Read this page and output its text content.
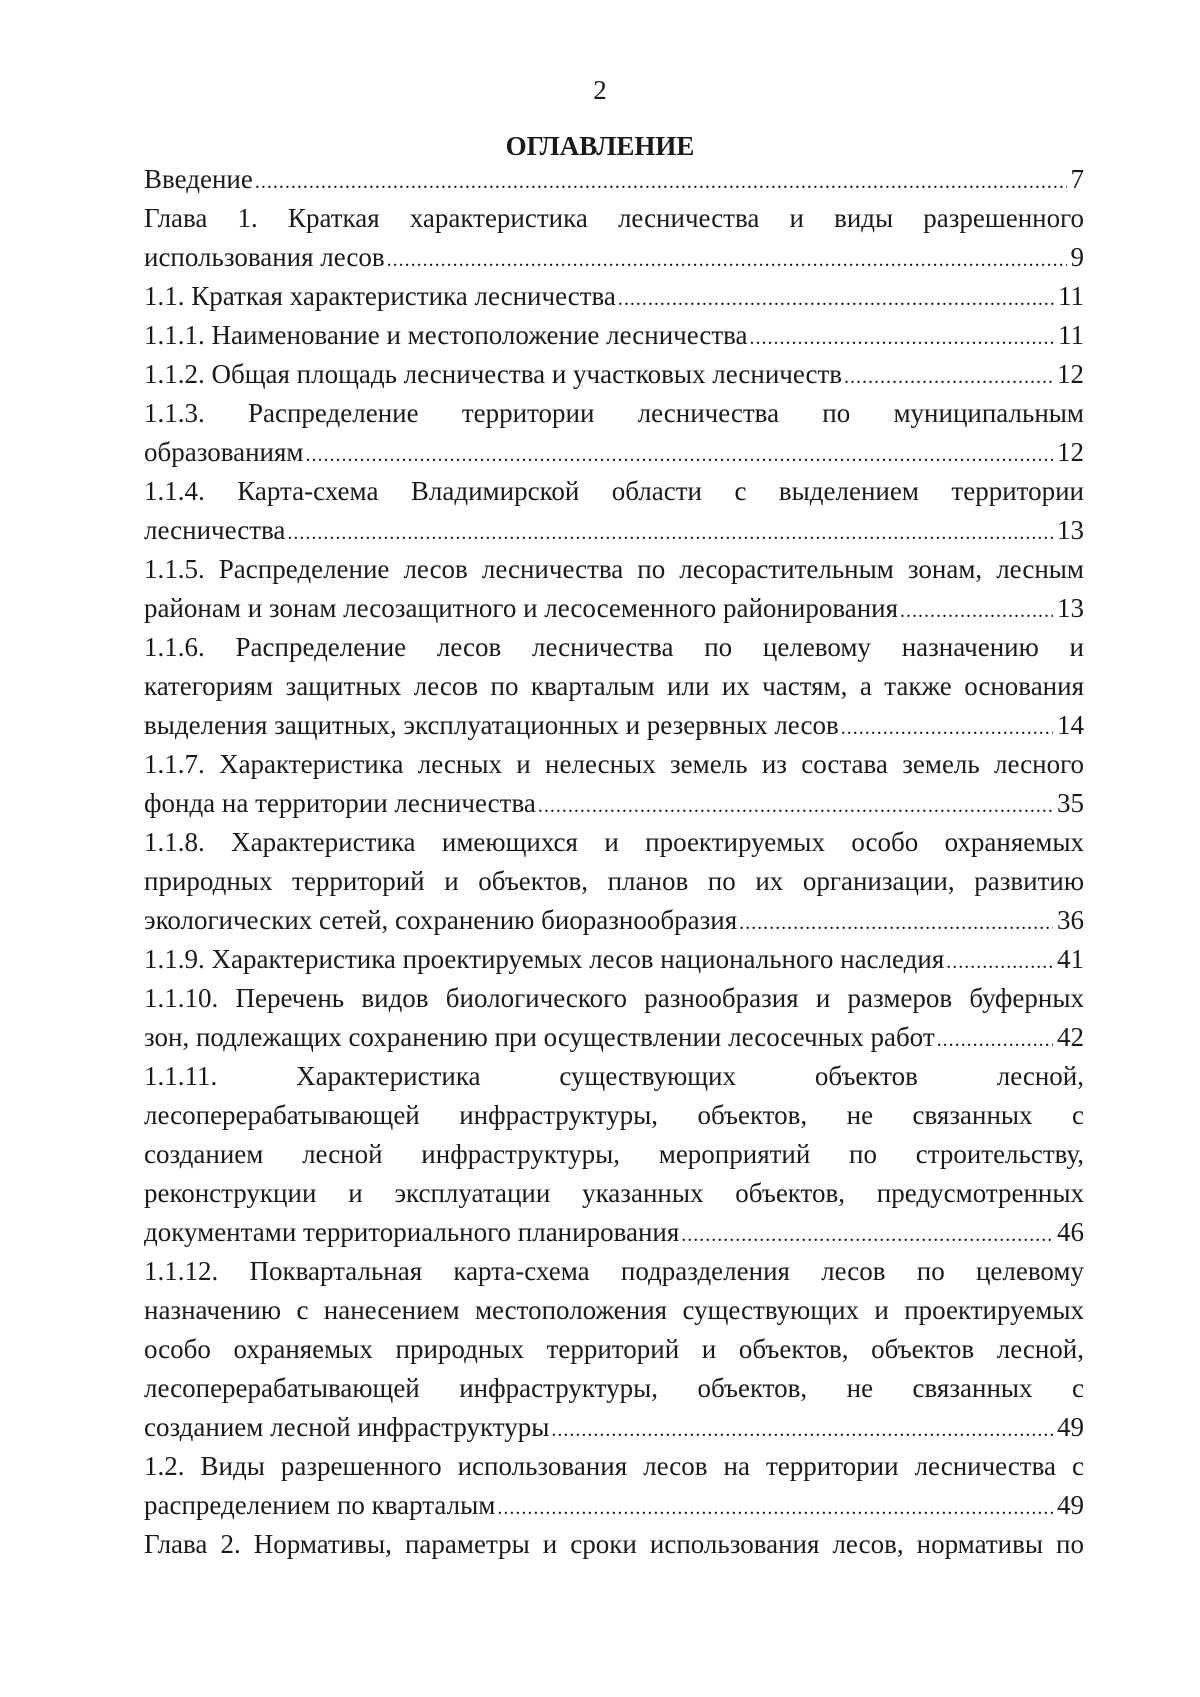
2
ОГЛАВЛЕНИЕ
Введение .....	7
Глава 1. Краткая характеристика лесничества и виды разрешенного
использования лесов .....	9
1.1. Краткая характеристика лесничества .....	11
1.1.1. Наименование и местоположение лесничества .....	11
1.1.2. Общая площадь лесничества и участковых лесничеств .....	12
1.1.3. Распределение территории лесничества по муниципальным
образованиям .....	12
1.1.4. Карта-схема Владимирской области с выделением территории
лесничества .....	13
1.1.5. Распределение лесов лесничества по лесорастительным зонам, лесным
районам и зонам лесозащитного и лесосеменного районирования .....	13
1.1.6. Распределение лесов лесничества по целевому назначению и
категориям защитных лесов по кварталым или их частям, а также основания
выделения защитных, эксплуатационных и резервных лесов .....	14
1.1.7. Характеристика лесных и нелесных земель из состава земель лесного
фонда на территории лесничества .....	35
1.1.8. Характеристика имеющихся и проектируемых особо охраняемых
природных территорий и объектов, планов по их организации, развитию
экологических сетей, сохранению биоразнообразия .....	36
1.1.9. Характеристика проектируемых лесов национального наследия .....	41
1.1.10. Перечень видов биологического разнообразия и размеров буферных
зон, подлежащих сохранению при осуществлении лесосечных работ .....	42
1.1.11. Характеристика существующих объектов лесной,
лесоперерабатывающей инфраструктуры, объектов, не связанных с
созданием лесной инфраструктуры, мероприятий по строительству,
реконструкции и эксплуатации указанных объектов, предусмотренных
документами территориального планирования .....	46
1.1.12. Поквартальная карта-схема подразделения лесов по целевому
назначению с нанесением местоположения существующих и проектируемых
особо охраняемых природных территорий и объектов, объектов лесной,
лесоперерабатывающей инфраструктуры, объектов, не связанных с
созданием лесной инфраструктуры .....	49
1.2. Виды разрешенного использования лесов на территории лесничества с
распределением по кварталым .....	49
Глава 2. Нормативы, параметры и сроки использования лесов, нормативы по
